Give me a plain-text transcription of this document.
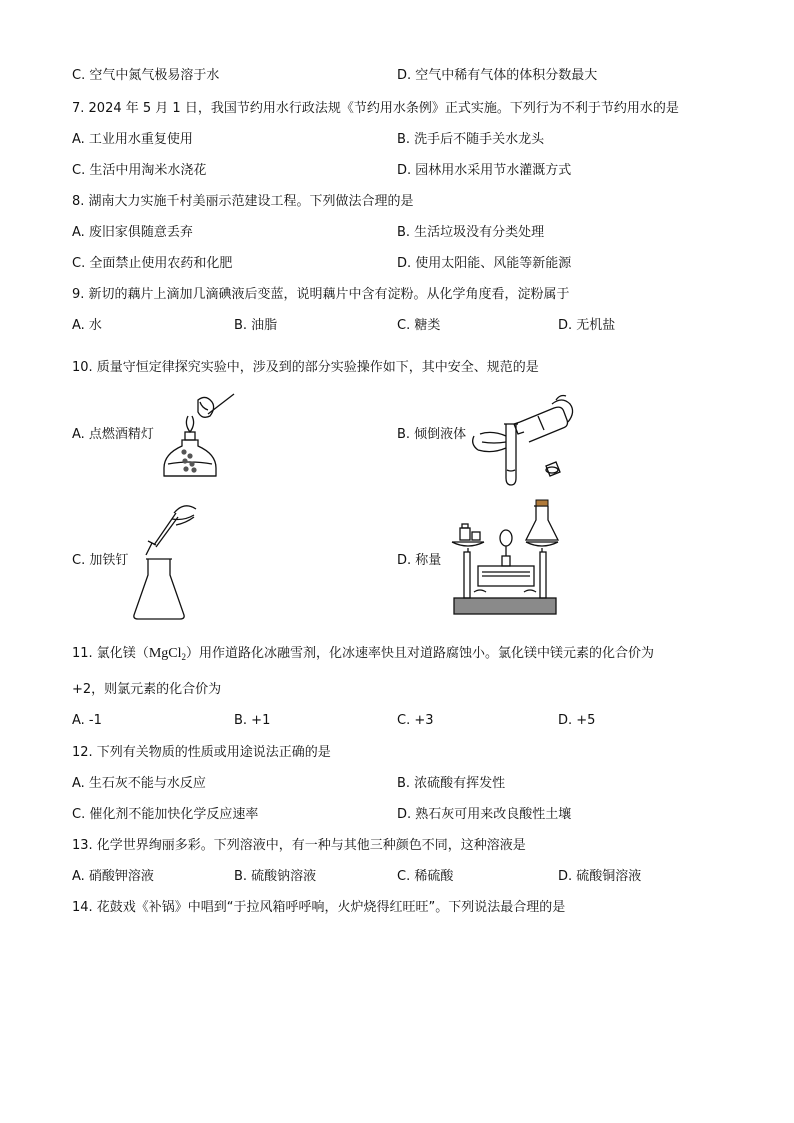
C. 空气中氮气极易溶于水	D. 空气中稀有气体的体积分数最大
7. 2024 年 5 月 1 日，我国节约用水行政法规《节约用水条例》正式实施。下列行为不利于节约用水的是
A. 工业用水重复使用	B. 洗手后不随手关水龙头
C. 生活中用淘米水浇花	D. 园林用水采用节水灌溉方式
8. 湖南大力实施千村美丽示范建设工程。下列做法合理的是
A. 废旧家俱随意丢弃	B. 生活垃圾没有分类处理
C. 全面禁止使用农药和化肥	D. 使用太阳能、风能等新能源
9. 新切的藕片上滴加几滴碘液后变蓝，说明藕片中含有淀粉。从化学角度看，淀粉属于
A. 水	B. 油脂	C. 糖类	D. 无机盐
10. 质量守恒定律探究实验中，涉及到的部分实验操作如下，其中安全、规范的是
A. 点燃酒精灯	B. 倾倒液体
C. 加铁钉	D. 称量
11. 氯化镁（MgCl$_2$）用作道路化冰融雪剂，化冰速率快且对道路腐蚀小。氯化镁中镁元素的化合价为
+2，则氯元素的化合价为
A. -1	B. +1	C. +3	D. +5
12. 下列有关物质的性质或用途说法正确的是
A. 生石灰不能与水反应	B. 浓硫酸有挥发性
C. 催化剂不能加快化学反应速率	D. 熟石灰可用来改良酸性土壤
13. 化学世界绚丽多彩。下列溶液中，有一种与其他三种颜色不同，这种溶液是
A. 硝酸钾溶液	B. 硫酸钠溶液	C. 稀硫酸	D. 硫酸铜溶液
14. 花鼓戏《补锅》中唱到“于拉风箱呼呼响，火炉烧得红旺旺”。下列说法最合理的是
